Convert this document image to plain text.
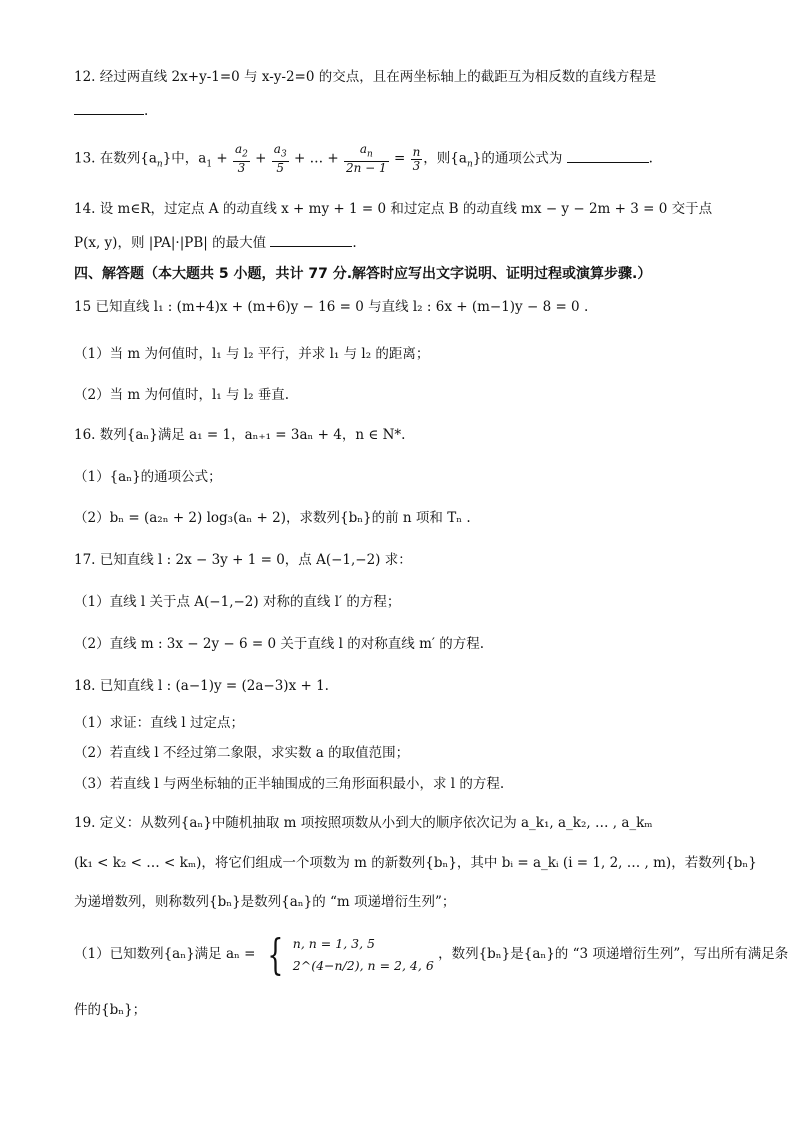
12. 经过两直线 2x+y-1=0 与 x-y-2=0 的交点，且在两坐标轴上的截距互为相反数的直线方程是
.
13. 在数列$\{a_n\}$中，$a_1 + \frac{a_2}{3} + \frac{a_3}{5}$ + … + $\frac{a_n}{2n - 1} = \frac{n}{3}$ ，则$\{a_n\}$的通项公式为	.
14. 设 m∈R，过定点 A 的动直线 x + my + 1 = 0 和过定点 B 的动直线 mx − y − 2m + 3 = 0 交于点
P(x, y)，则 |PA|·|PB| 的最大值	.
四、解答题（本大题共 5 小题，共计 77 分.解答时应写出文字说明、证明过程或演算步骤.）
15 已知直线 l₁ : (m+4)x + (m+6)y − 16 = 0 与直线 l₂ : 6x + (m−1)y − 8 = 0 .
（1）当 m 为何值时，l₁ 与 l₂ 平行，并求 l₁ 与 l₂ 的距离；
（2）当 m 为何值时，l₁ 与 l₂ 垂直.
16. 数列{aₙ}满足 a₁ = 1，aₙ₊₁ = 3aₙ + 4，n ∈ N*.
（1）{aₙ}的通项公式；
（2）bₙ = (a₂ₙ + 2) log₃(aₙ + 2)，求数列{bₙ}的前 n 项和 Tₙ .
17. 已知直线 l : 2x − 3y + 1 = 0，点 A(−1,−2) 求：
（1）直线 l 关于点 A(−1,−2) 对称的直线 l′ 的方程；
（2）直线 m : 3x − 2y − 6 = 0 关于直线 l 的对称直线 m′ 的方程.
18. 已知直线 l : (a−1)y = (2a−3)x + 1.
（1）求证：直线 l 过定点；
（2）若直线 l 不经过第二象限，求实数 a 的取值范围；
（3）若直线 l 与两坐标轴的正半轴围成的三角形面积最小，求 l 的方程.
19. 定义：从数列{aₙ}中随机抽取 m 项按照项数从小到大的顺序依次记为 a_k₁, a_k₂, … , a_kₘ
(k₁ < k₂ < … < kₘ)，将它们组成一个项数为 m 的新数列{bₙ}，其中 bᵢ = a_kᵢ (i = 1, 2, … , m)，若数列{bₙ}
为递增数列，则称数列{bₙ}是数列{aₙ}的 “m 项递增衍生列”；
（1）已知数列{aₙ}满足 aₙ = { n, n = 1, 3, 5
2^(4−n/2), n = 2, 4, 6
，数列{bₙ}是{aₙ}的 “3 项递增衍生列”，写出所有满足条
件的{bₙ}；
